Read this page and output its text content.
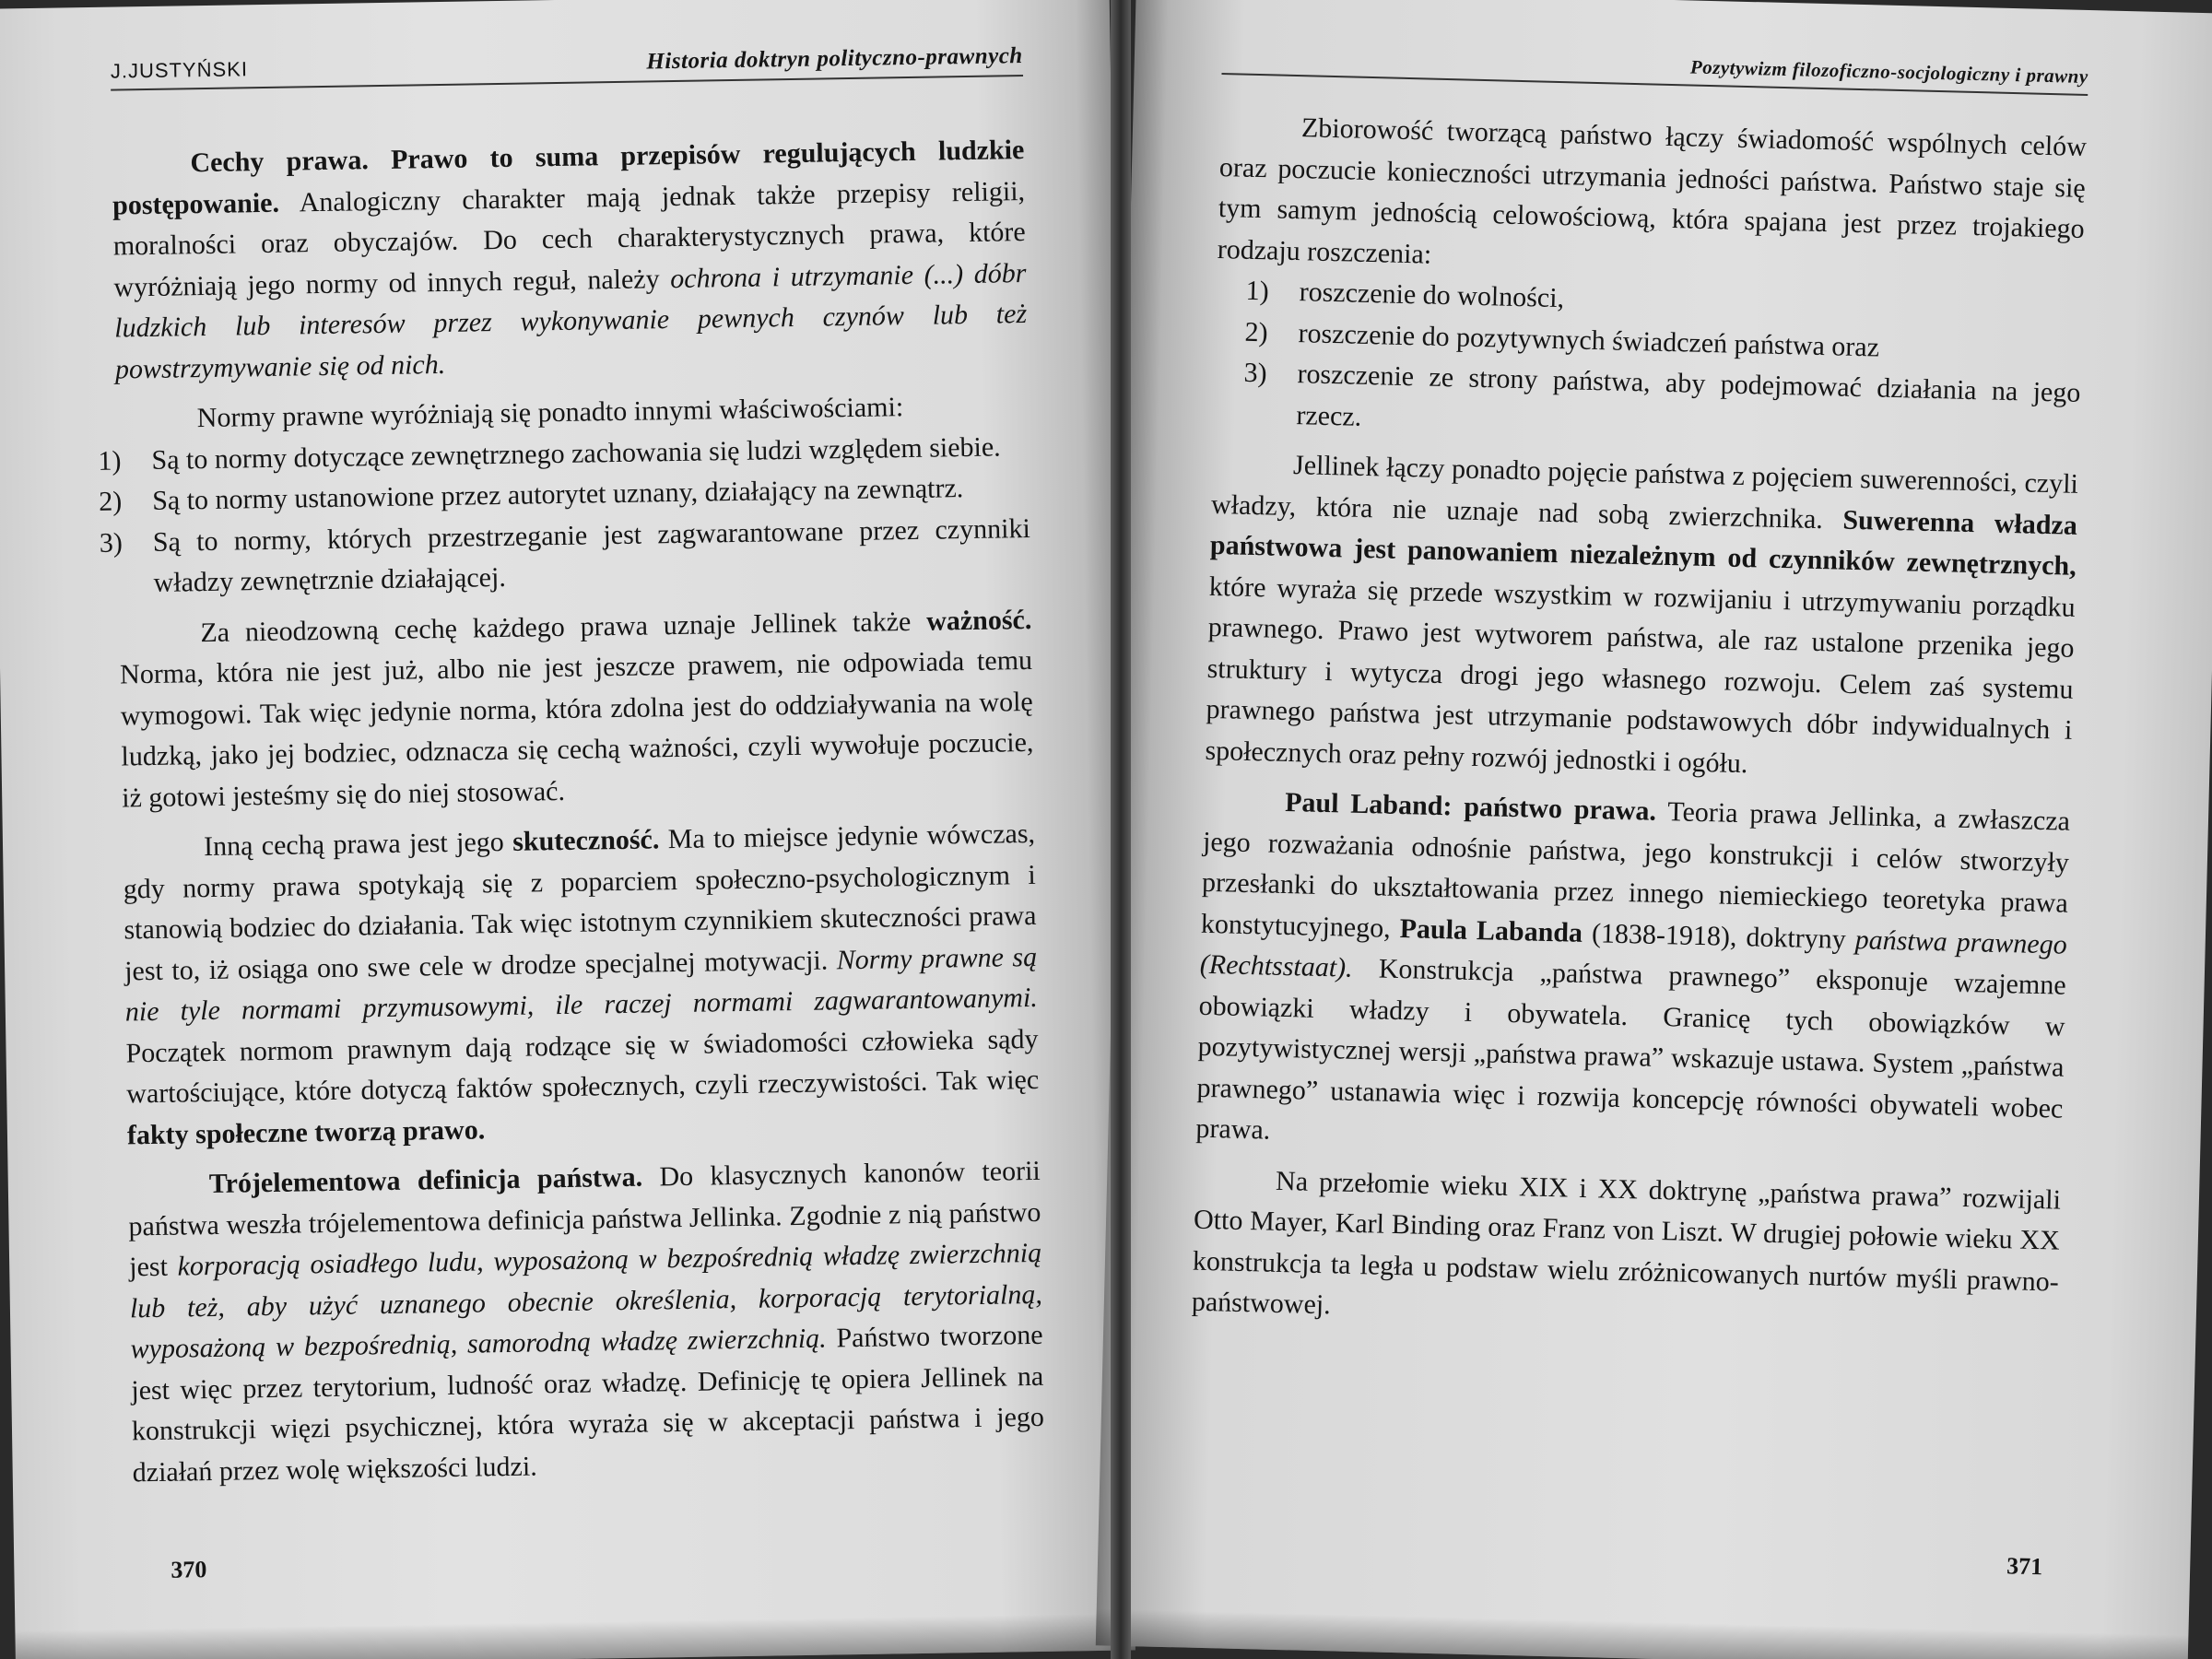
J.JUSTYŃSKI	Historia doktryn polityczno-prawnych

Cechy prawa. Prawo to suma przepisów regulujących ludzkie postępowanie. Analogiczny charakter mają jednak także przepisy religii, moralności oraz obyczajów. Do cech charakterystycznych prawa, które wyróżniają jego normy od innych reguł, należy ochrona i utrzymanie (...) dóbr ludzkich lub interesów przez wykonywanie pewnych czynów lub też powstrzymywanie się od nich.

Normy prawne wyróżniają się ponadto innymi właściwościami:

1) Są to normy dotyczące zewnętrznego zachowania się ludzi względem siebie.
2) Są to normy ustanowione przez autorytet uznany, działający na zewnątrz.
3) Są to normy, których przestrzeganie jest zagwarantowane przez czynniki władzy zewnętrznie działającej.

Za nieodzowną cechę każdego prawa uznaje Jellinek także ważność. Norma, która nie jest już, albo nie jest jeszcze prawem, nie odpowiada temu wymogowi. Tak więc jedynie norma, która zdolna jest do oddziaływania na wolę ludzką, jako jej bodziec, odznacza się cechą ważności, czyli wywołuje poczucie, iż gotowi jesteśmy się do niej stosować.

Inną cechą prawa jest jego skuteczność. Ma to miejsce jedynie wówczas, gdy normy prawa spotykają się z poparciem społeczno-psychologicznym i stanowią bodziec do działania. Tak więc istotnym czynnikiem skuteczności prawa jest to, iż osiąga ono swe cele w drodze specjalnej motywacji. Normy prawne są nie tyle normami przymusowymi, ile raczej normami zagwarantowanymi. Początek normom prawnym dają rodzące się w świadomości człowieka sądy wartościujące, które dotyczą faktów społecznych, czyli rzeczywistości. Tak więc fakty społeczne tworzą prawo.

Trójelementowa definicja państwa. Do klasycznych kanonów teorii państwa weszła trójelementowa definicja państwa Jellinka. Zgodnie z nią państwo jest korporacją osiadłego ludu, wyposażoną w bezpośrednią władzę zwierzchnią lub też, aby użyć uznanego obecnie określenia, korporacją terytorialną, wyposażoną w bezpośrednią, samorodną władzę zwierzchnią. Państwo tworzone jest więc przez terytorium, ludność oraz władzę. Definicję tę opiera Jellinek na konstrukcji więzi psychicznej, która wyraża się w akceptacji państwa i jego działań przez wolę większości ludzi.

370
Pozytywizm filozoficzno-socjologiczny i prawny

Zbiorowość tworzącą państwo łączy świadomość wspólnych celów oraz poczucie konieczności utrzymania jedności państwa. Państwo staje się tym samym jednością celowościową, która spajana jest przez trojakiego rodzaju roszczenia:

1) roszczenie do wolności,
2) roszczenie do pozytywnych świadczeń państwa oraz
3) roszczenie ze strony państwa, aby podejmować działania na jego rzecz.

Jellinek łączy ponadto pojęcie państwa z pojęciem suwerenności, czyli władzy, która nie uznaje nad sobą zwierzchnika. Suwerenna władza państwowa jest panowaniem niezależnym od czynników zewnętrznych, które wyraża się przede wszystkim w rozwijaniu i utrzymywaniu porządku prawnego. Prawo jest wytworem państwa, ale raz ustalone przenika jego struktury i wytycza drogi jego własnego rozwoju. Celem zaś systemu prawnego państwa jest utrzymanie podstawowych dóbr indywidualnych i społecznych oraz pełny rozwój jednostki i ogółu.

Paul Laband: państwo prawa. Teoria prawa Jellinka, a zwłaszcza jego rozważania odnośnie państwa, jego konstrukcji i celów stworzyły przesłanki do ukształtowania przez innego niemieckiego teoretyka prawa konstytucyjnego, Paula Labanda (1838-1918), doktryny państwa prawnego (Rechtsstaat). Konstrukcja „państwa prawnego” eksponuje wzajemne obowiązki władzy i obywatela. Granicę tych obowiązków w pozytywistycznej wersji „państwa prawa” wskazuje ustawa. System „państwa prawnego” ustanawia więc i rozwija koncepcję równości obywateli wobec prawa.

Na przełomie wieku XIX i XX doktrynę „państwa prawa” rozwijali Otto Mayer, Karl Binding oraz Franz von Liszt. W drugiej połowie wieku XX konstrukcja ta legła u podstaw wielu zróżnicowanych nurtów myśli prawno-państwowej.

371
